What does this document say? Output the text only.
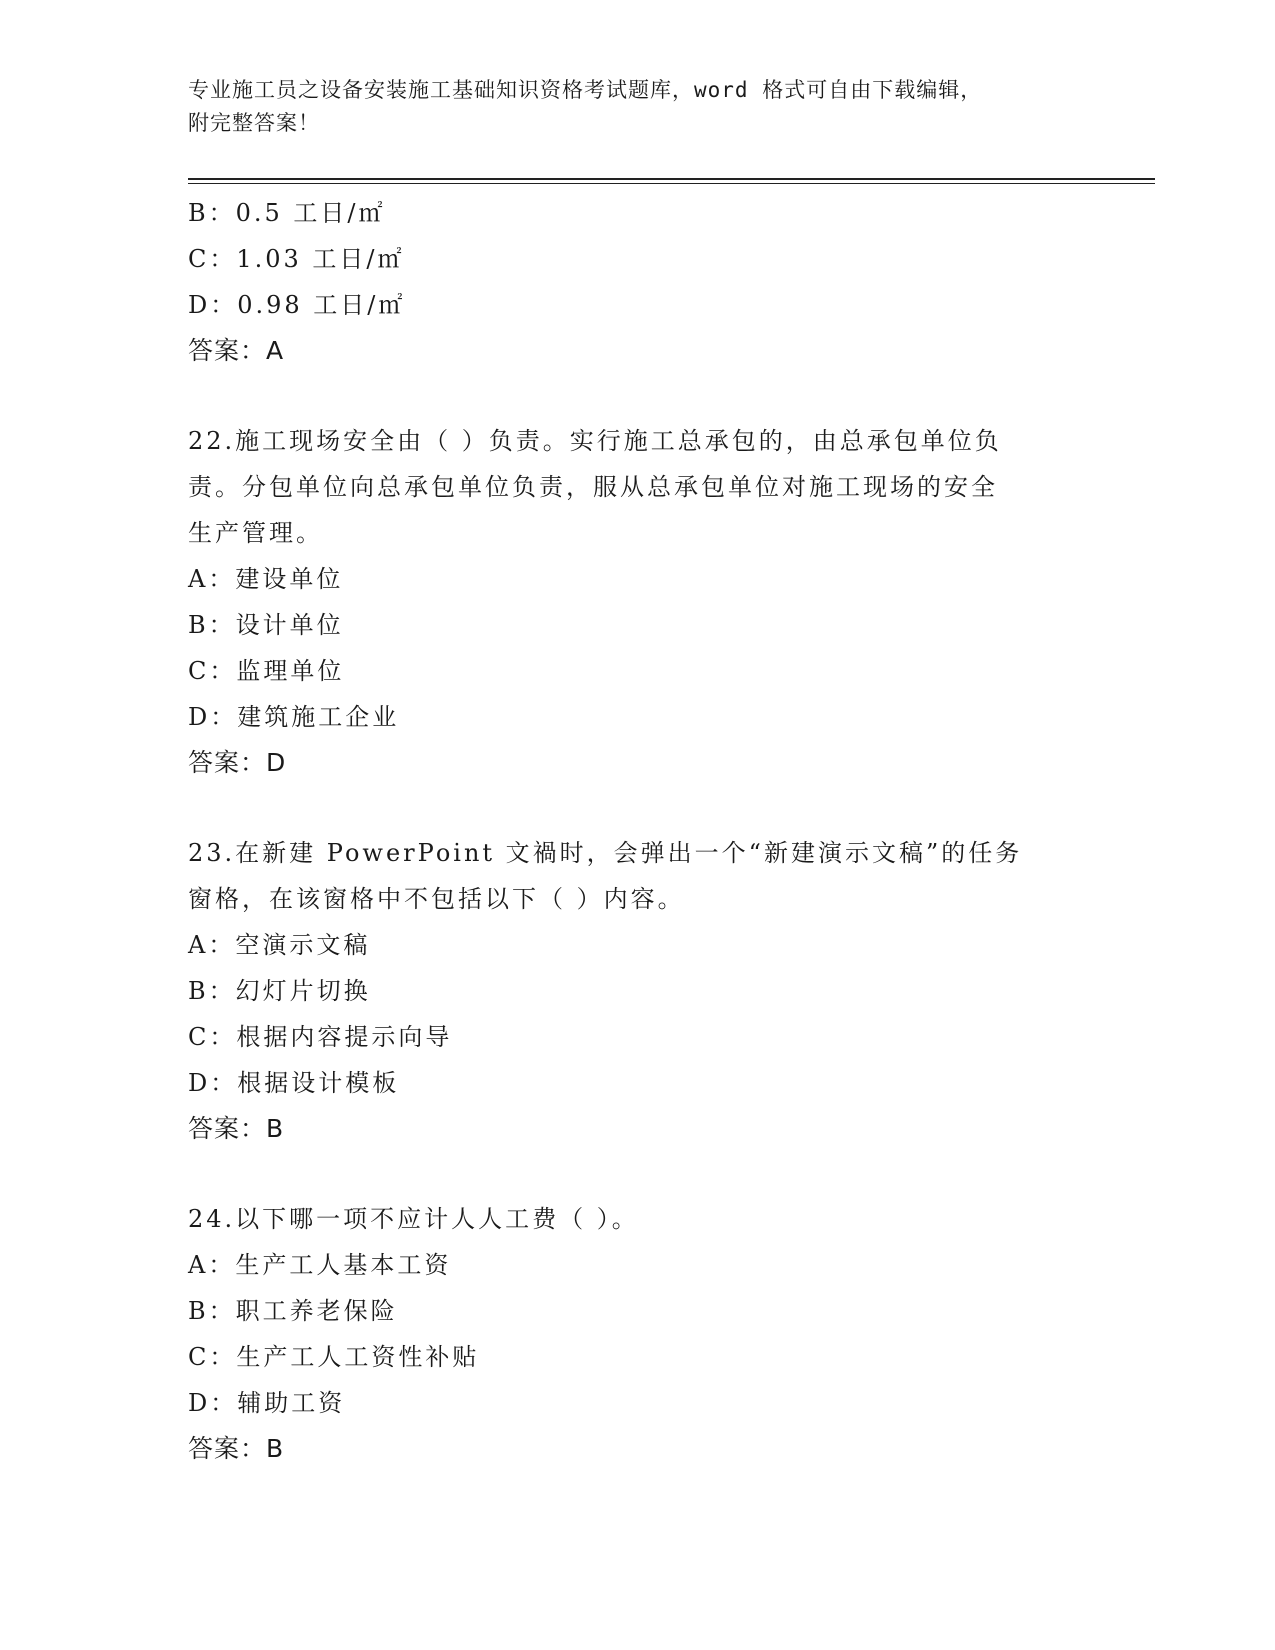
专业施工员之设备安装施工基础知识资格考试题库，word 格式可自由下载编辑，
附完整答案！
B：0.5 工日/㎡
C：1.03 工日/㎡
D：0.98 工日/㎡
答案：A
22.施工现场安全由（ ）负责。实行施工总承包的，由总承包单位负
责。分包单位向总承包单位负责，服从总承包单位对施工现场的安全
生产管理。
A：建设单位
B：设计单位
C：监理单位
D：建筑施工企业
答案：D
23.在新建 PowerPoint 文禍时，会弹出一个“新建演示文稿”的任务
窗格，在该窗格中不包括以下（ ）内容。
A：空演示文稿
B：幻灯片切换
C：根据内容提示向导
D：根据设计模板
答案：B
24.以下哪一项不应计人人工费（ ）。
A：生产工人基本工资
B：职工养老保险
C：生产工人工资性补贴
D：辅助工资
答案：B
